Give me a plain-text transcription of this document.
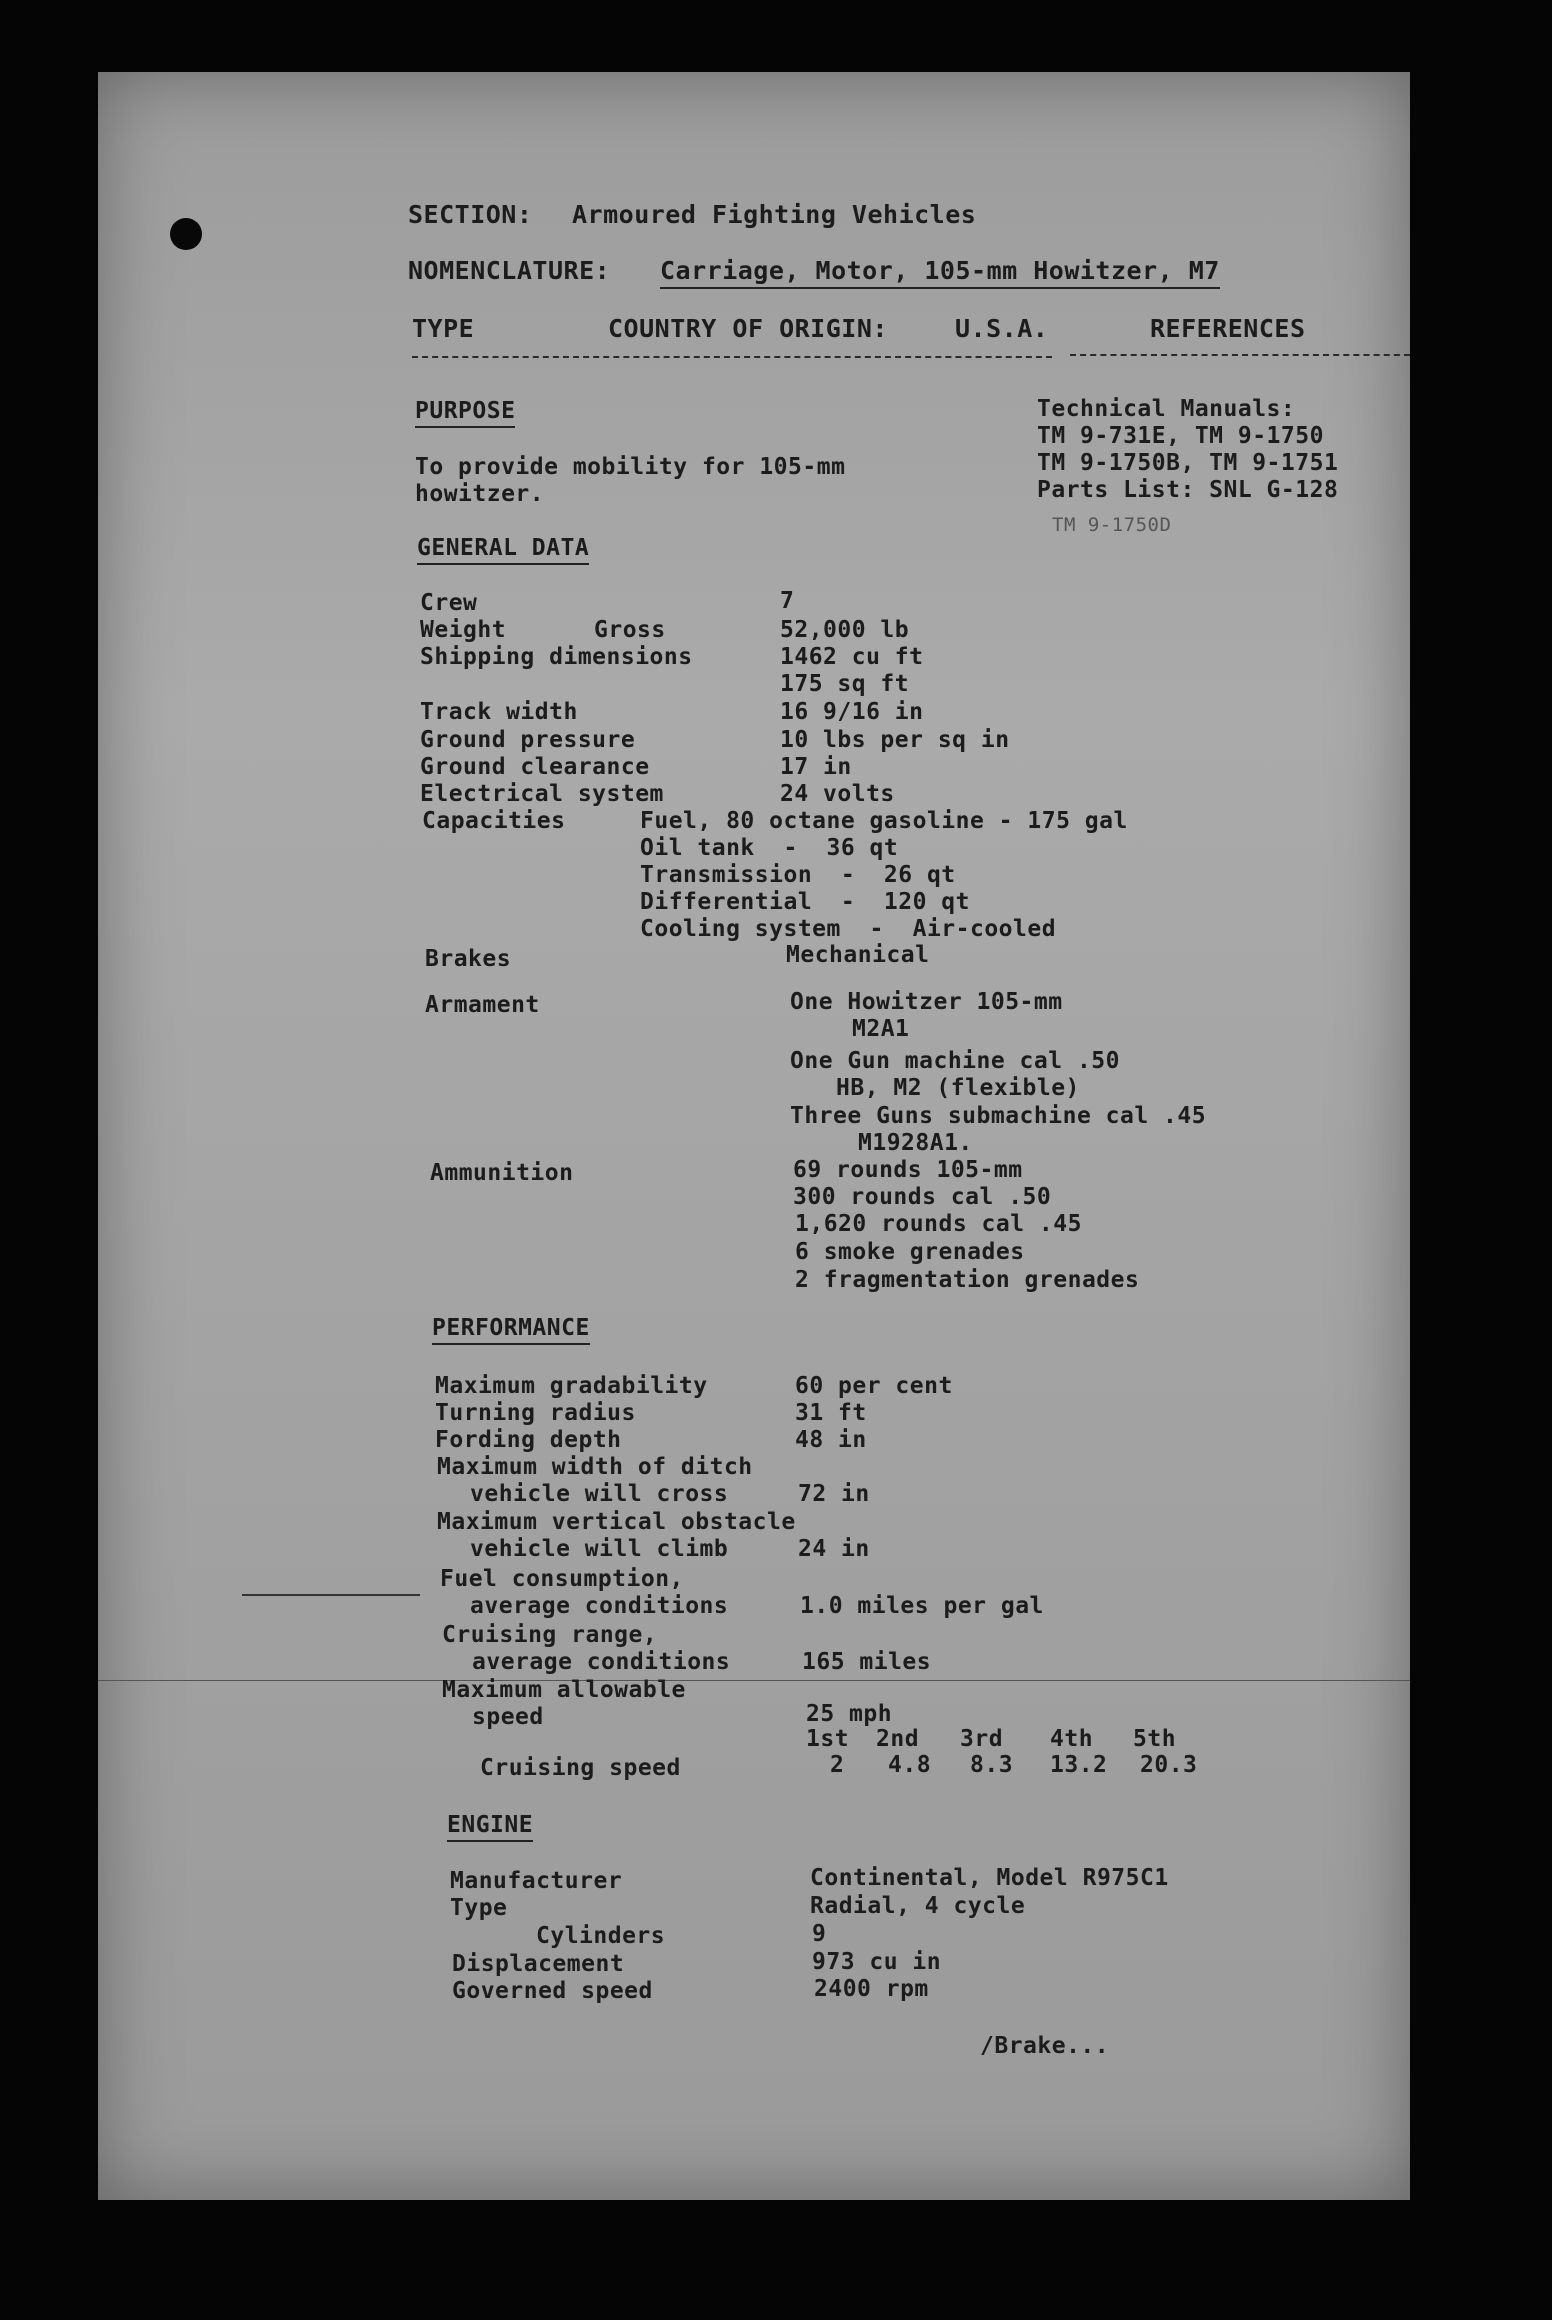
SECTION: Armoured Fighting Vehicles
NOMENCLATURE: Carriage, Motor, 105-mm Howitzer, M7
TYPE	COUNTRY OF ORIGIN:	U.S.A.	REFERENCES
PURPOSE
To provide mobility for 105-mm
howitzer.
Technical Manuals:
TM 9-731E, TM 9-1750
TM 9-1750B, TM 9-1751
Parts List: SNL G-128
TM 9-1750D
GENERAL DATA
Crew	7
Weight	Gross	52,000 lb
Shipping dimensions	1462 cu ft
175 sq ft
Track width	16 9/16 in
Ground pressure	10 lbs per sq in
Ground clearance	17 in
Electrical system	24 volts
Capacities	Fuel, 80 octane gasoline - 175 gal
Oil tank  -  36 qt
Transmission  -  26 qt
Differential  -  120 qt
Cooling system  -  Air-cooled
Brakes	Mechanical
Armament	One Howitzer 105-mm
M2A1
One Gun machine cal .50
HB, M2 (flexible)
Three Guns submachine cal .45
M1928A1.
Ammunition	69 rounds 105-mm
300 rounds cal .50
1,620 rounds cal .45
6 smoke grenades
2 fragmentation grenades
PERFORMANCE
Maximum gradability	60 per cent
Turning radius	31 ft
Fording depth	48 in
Maximum width of ditch
vehicle will cross	72 in
Maximum vertical obstacle
vehicle will climb	24 in
Fuel consumption,
average conditions	1.0 miles per gal
Cruising range,
average conditions	165 miles
Maximum allowable
speed	25 mph
1st 2nd 3rd 4th 5th
Cruising speed	2 4.8 8.3 13.2 20.3
ENGINE
Manufacturer	Continental, Model R975C1
Type	Radial, 4 cycle
Cylinders	9
Displacement	973 cu in
Governed speed	2400 rpm
/Brake...
